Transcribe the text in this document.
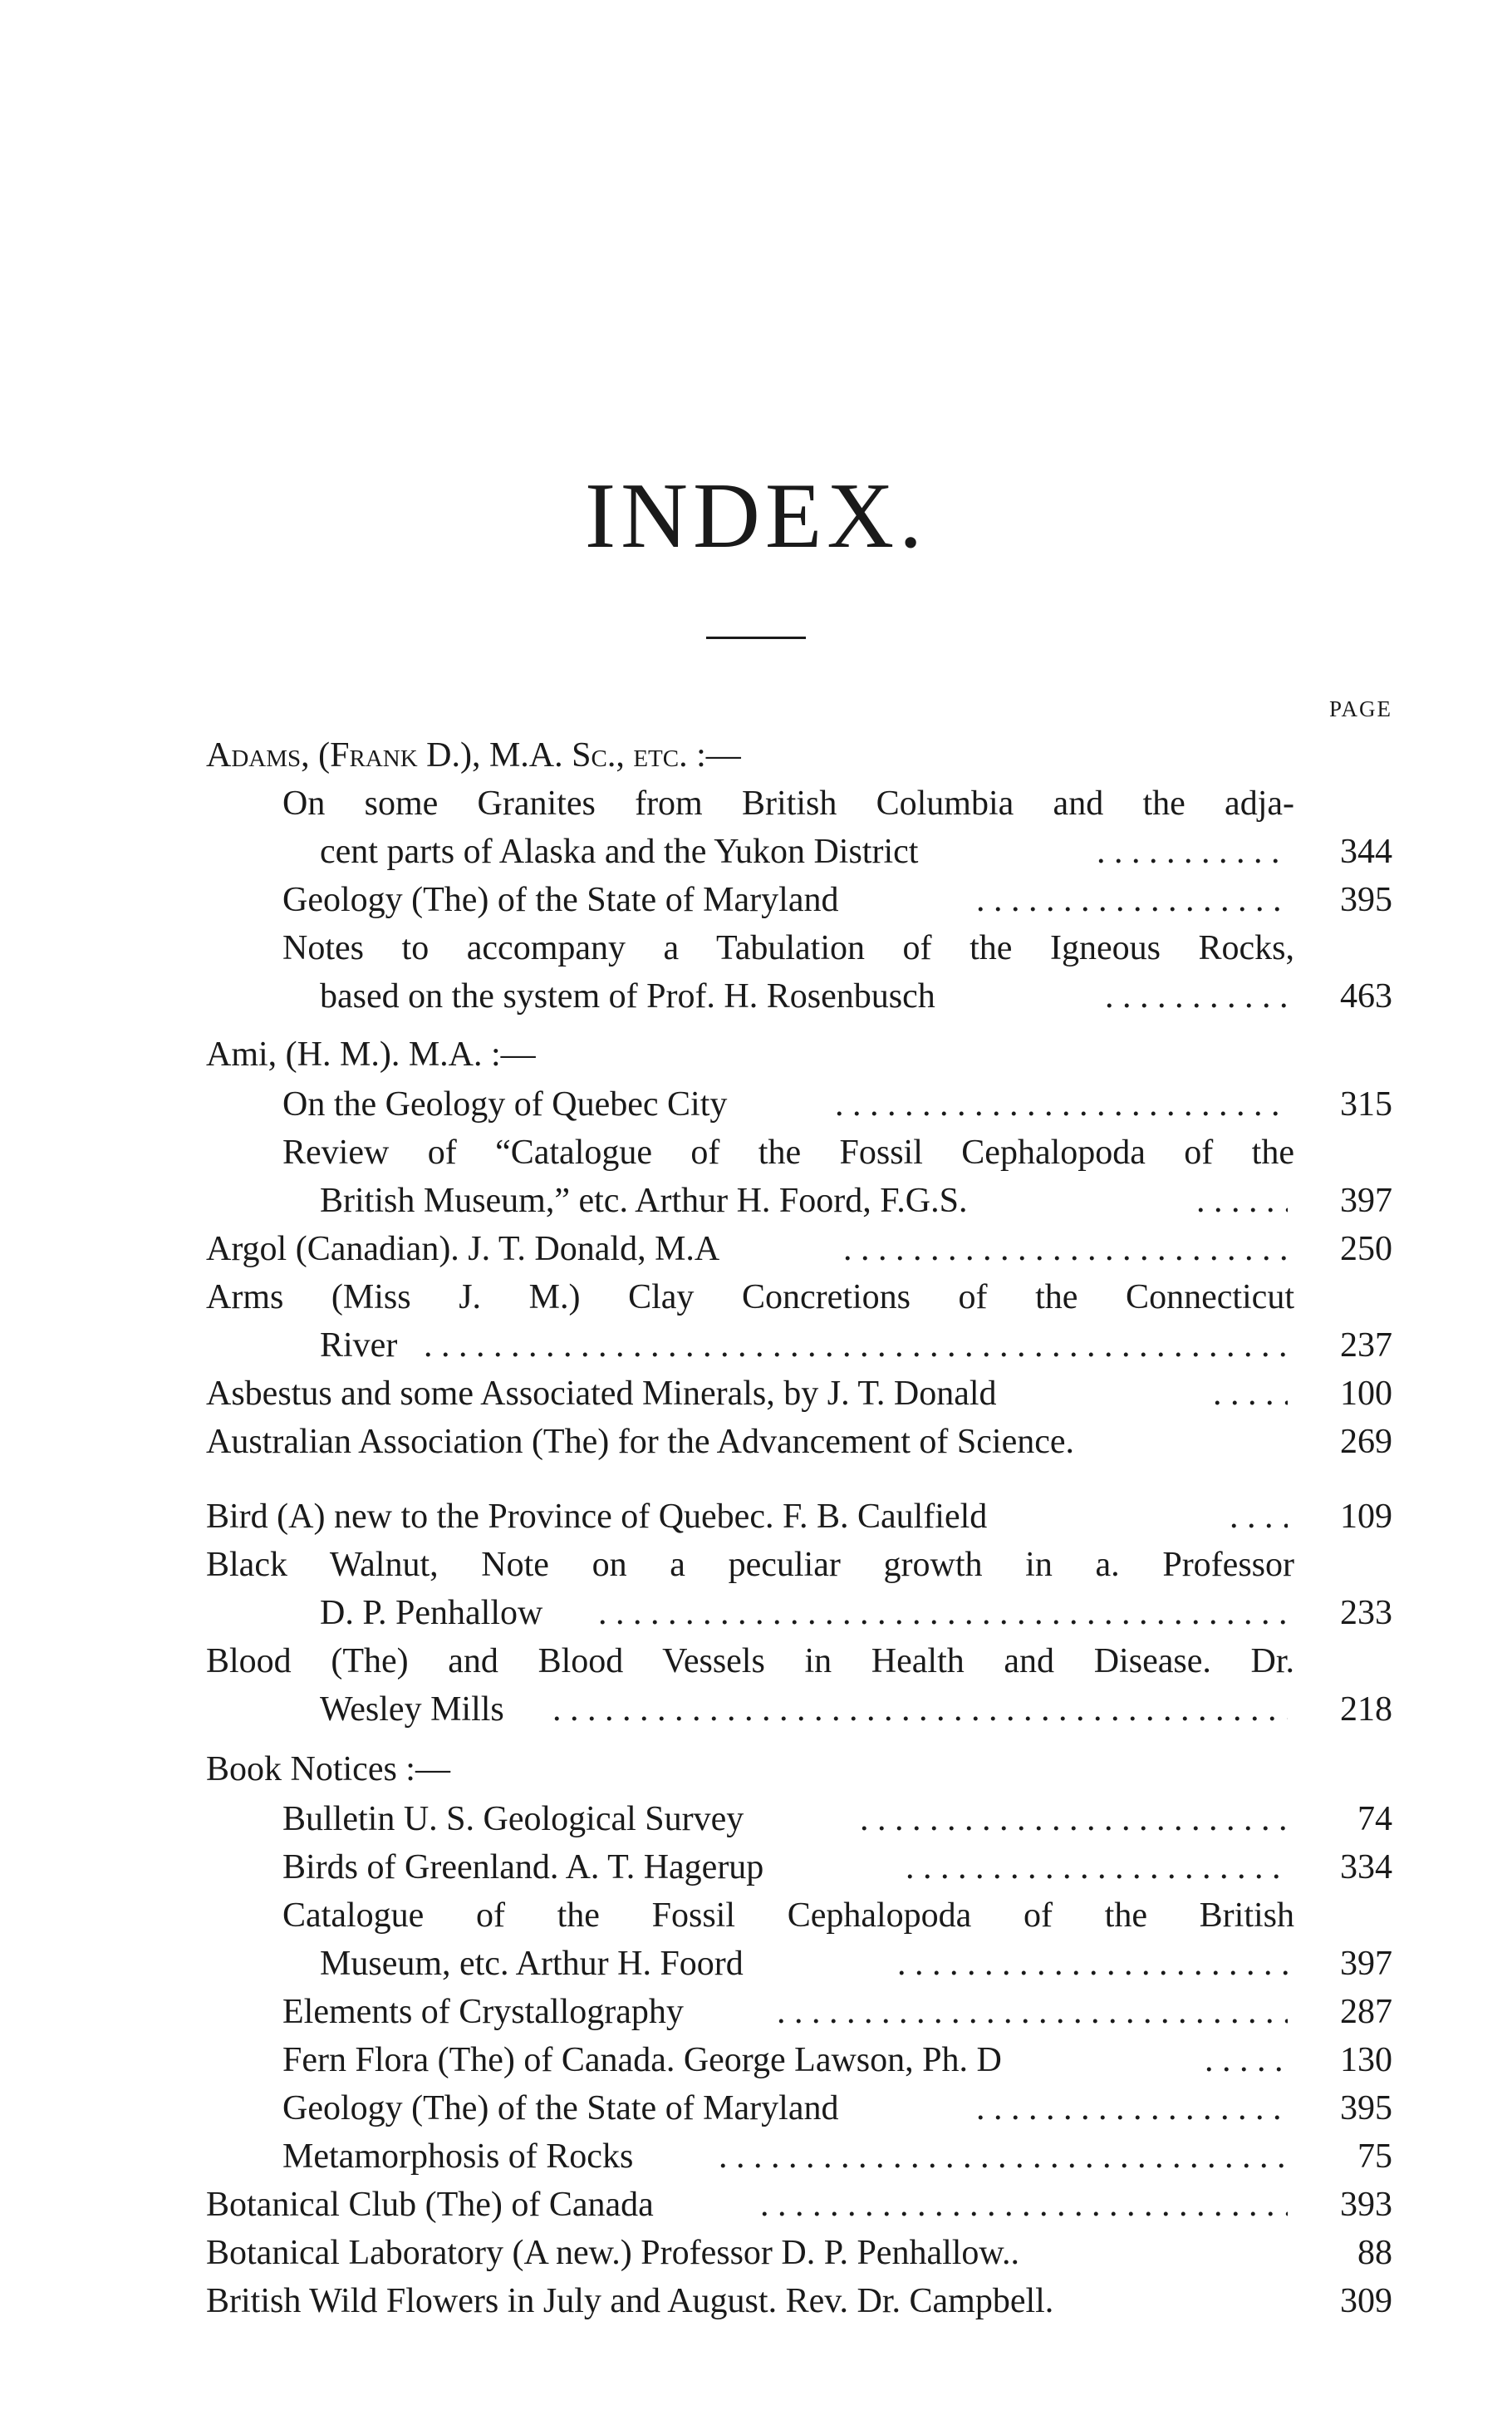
INDEX.
PAGE
Adams, (Frank D.), M.A. Sc., etc. :—
On some Granites from British Columbia and the adja-
cent parts of Alaska and the Yukon District . . .	344
Geology (The) of the State of Maryland . . .	395
Notes to accompany a Tabulation of the Igneous Rocks,
based on the system of Prof. H. Rosenbusch . . .	463
Ami, (H. M.). M.A. :—
On the Geology of Quebec City . . .	315
Review of “Catalogue of the Fossil Cephalopoda of the
British Museum,” etc. Arthur H. Foord, F.G.S. . . .	397
Argol (Canadian). J. T. Donald, M.A . . .	250
Arms (Miss J. M.) Clay Concretions of the Connecticut
River . . .	237
Asbestus and some Associated Minerals, by J. T. Donald . . .	100
Australian Association (The) for the Advancement of Science.	269
Bird (A) new to the Province of Quebec. F. B. Caulfield . . .	109
Black Walnut, Note on a peculiar growth in a. Professor
D. P. Penhallow . . .	233
Blood (The) and Blood Vessels in Health and Disease. Dr.
Wesley Mills . . .	218
Book Notices :—
Bulletin U. S. Geological Survey . . .	74
Birds of Greenland. A. T. Hagerup . . .	334
Catalogue of the Fossil Cephalopoda of the British
Museum, etc. Arthur H. Foord . . .	397
Elements of Crystallography . . .	287
Fern Flora (The) of Canada. George Lawson, Ph. D . . .	130
Geology (The) of the State of Maryland . . .	395
Metamorphosis of Rocks . . .	75
Botanical Club (The) of Canada . . .	393
Botanical Laboratory (A new.) Professor D. P. Penhallow..	88
British Wild Flowers in July and August. Rev. Dr. Campbell.	309
